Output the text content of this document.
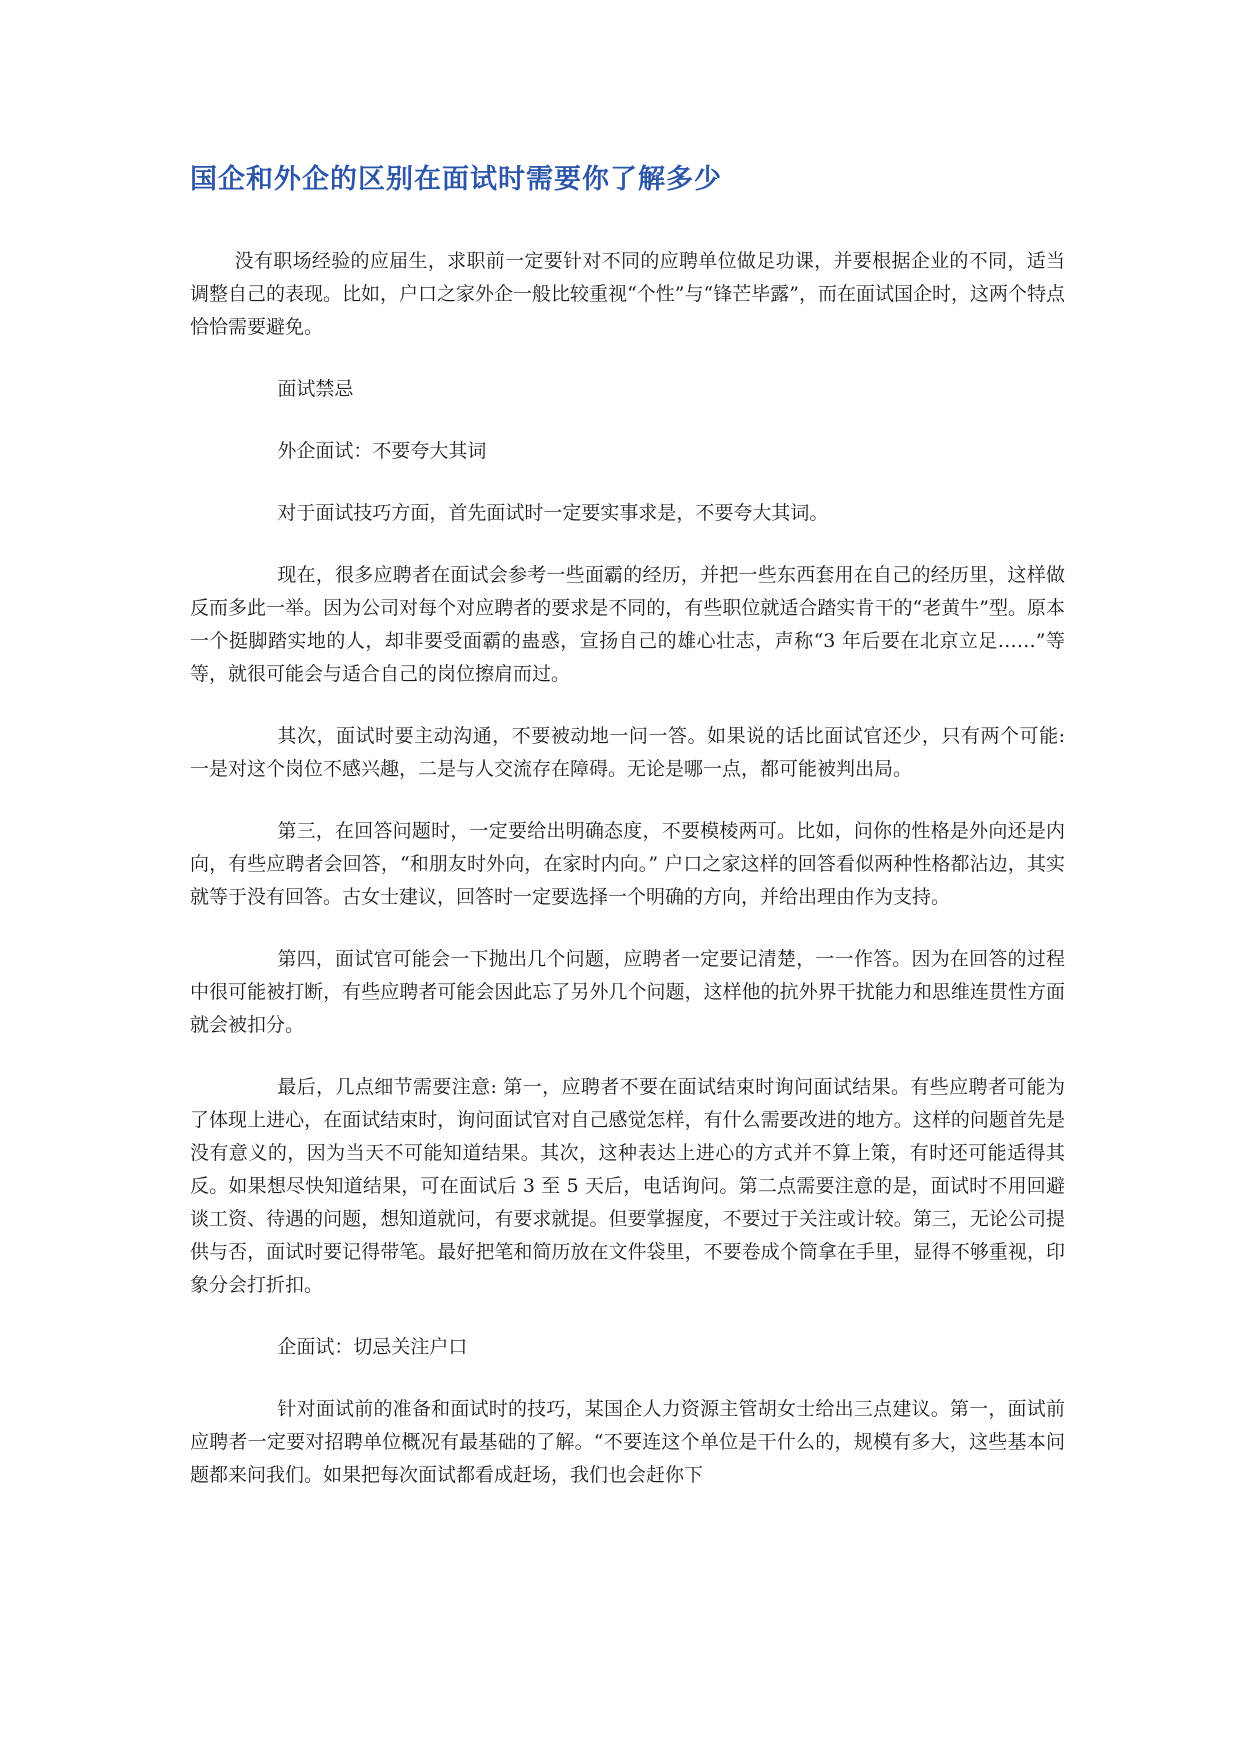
国企和外企的区别在面试时需要你了解多少

没有职场经验的应届生，求职前一定要针对不同的应聘单位做足功课，并要根据企业的不同，适当调整自己的表现。比如，户口之家外企一般比较重视“个性”与“锋芒毕露”，而在面试国企时，这两个特点恰恰需要避免。

面试禁忌

外企面试：不要夸大其词

对于面试技巧方面，首先面试时一定要实事求是，不要夸大其词。

现在，很多应聘者在面试会参考一些面霸的经历，并把一些东西套用在自己的经历里，这样做反而多此一举。因为公司对每个对应聘者的要求是不同的，有些职位就适合踏实肯干的“老黄牛”型。原本一个挺脚踏实地的人，却非要受面霸的蛊惑，宣扬自己的雄心壮志，声称“3 年后要在北京立足……”等等，就很可能会与适合自己的岗位擦肩而过。

其次，面试时要主动沟通，不要被动地一问一答。如果说的话比面试官还少，只有两个可能: 一是对这个岗位不感兴趣，二是与人交流存在障碍。无论是哪一点，都可能被判出局。

第三，在回答问题时，一定要给出明确态度，不要模棱两可。比如，问你的性格是外向还是内向，有些应聘者会回答，“和朋友时外向，在家时内向。” 户口之家这样的回答看似两种性格都沾边，其实就等于没有回答。古女士建议，回答时一定要选择一个明确的方向，并给出理由作为支持。

第四，面试官可能会一下抛出几个问题，应聘者一定要记清楚，一一作答。因为在回答的过程中很可能被打断，有些应聘者可能会因此忘了另外几个问题，这样他的抗外界干扰能力和思维连贯性方面就会被扣分。

最后，几点细节需要注意: 第一，应聘者不要在面试结束时询问面试结果。有些应聘者可能为了体现上进心，在面试结束时，询问面试官对自己感觉怎样，有什么需要改进的地方。这样的问题首先是没有意义的，因为当天不可能知道结果。其次，这种表达上进心的方式并不算上策，有时还可能适得其反。如果想尽快知道结果，可在面试后 3 至 5 天后，电话询问。第二点需要注意的是，面试时不用回避谈工资、待遇的问题，想知道就问，有要求就提。但要掌握度，不要过于关注或计较。第三，无论公司提供与否，面试时要记得带笔。最好把笔和简历放在文件袋里，不要卷成个筒拿在手里，显得不够重视，印象分会打折扣。

企面试：切忌关注户口

针对面试前的准备和面试时的技巧，某国企人力资源主管胡女士给出三点建议。第一，面试前应聘者一定要对招聘单位概况有最基础的了解。“不要连这个单位是干什么的，规模有多大，这些基本问题都来问我们。如果把每次面试都看成赶场，我们也会赶你下
